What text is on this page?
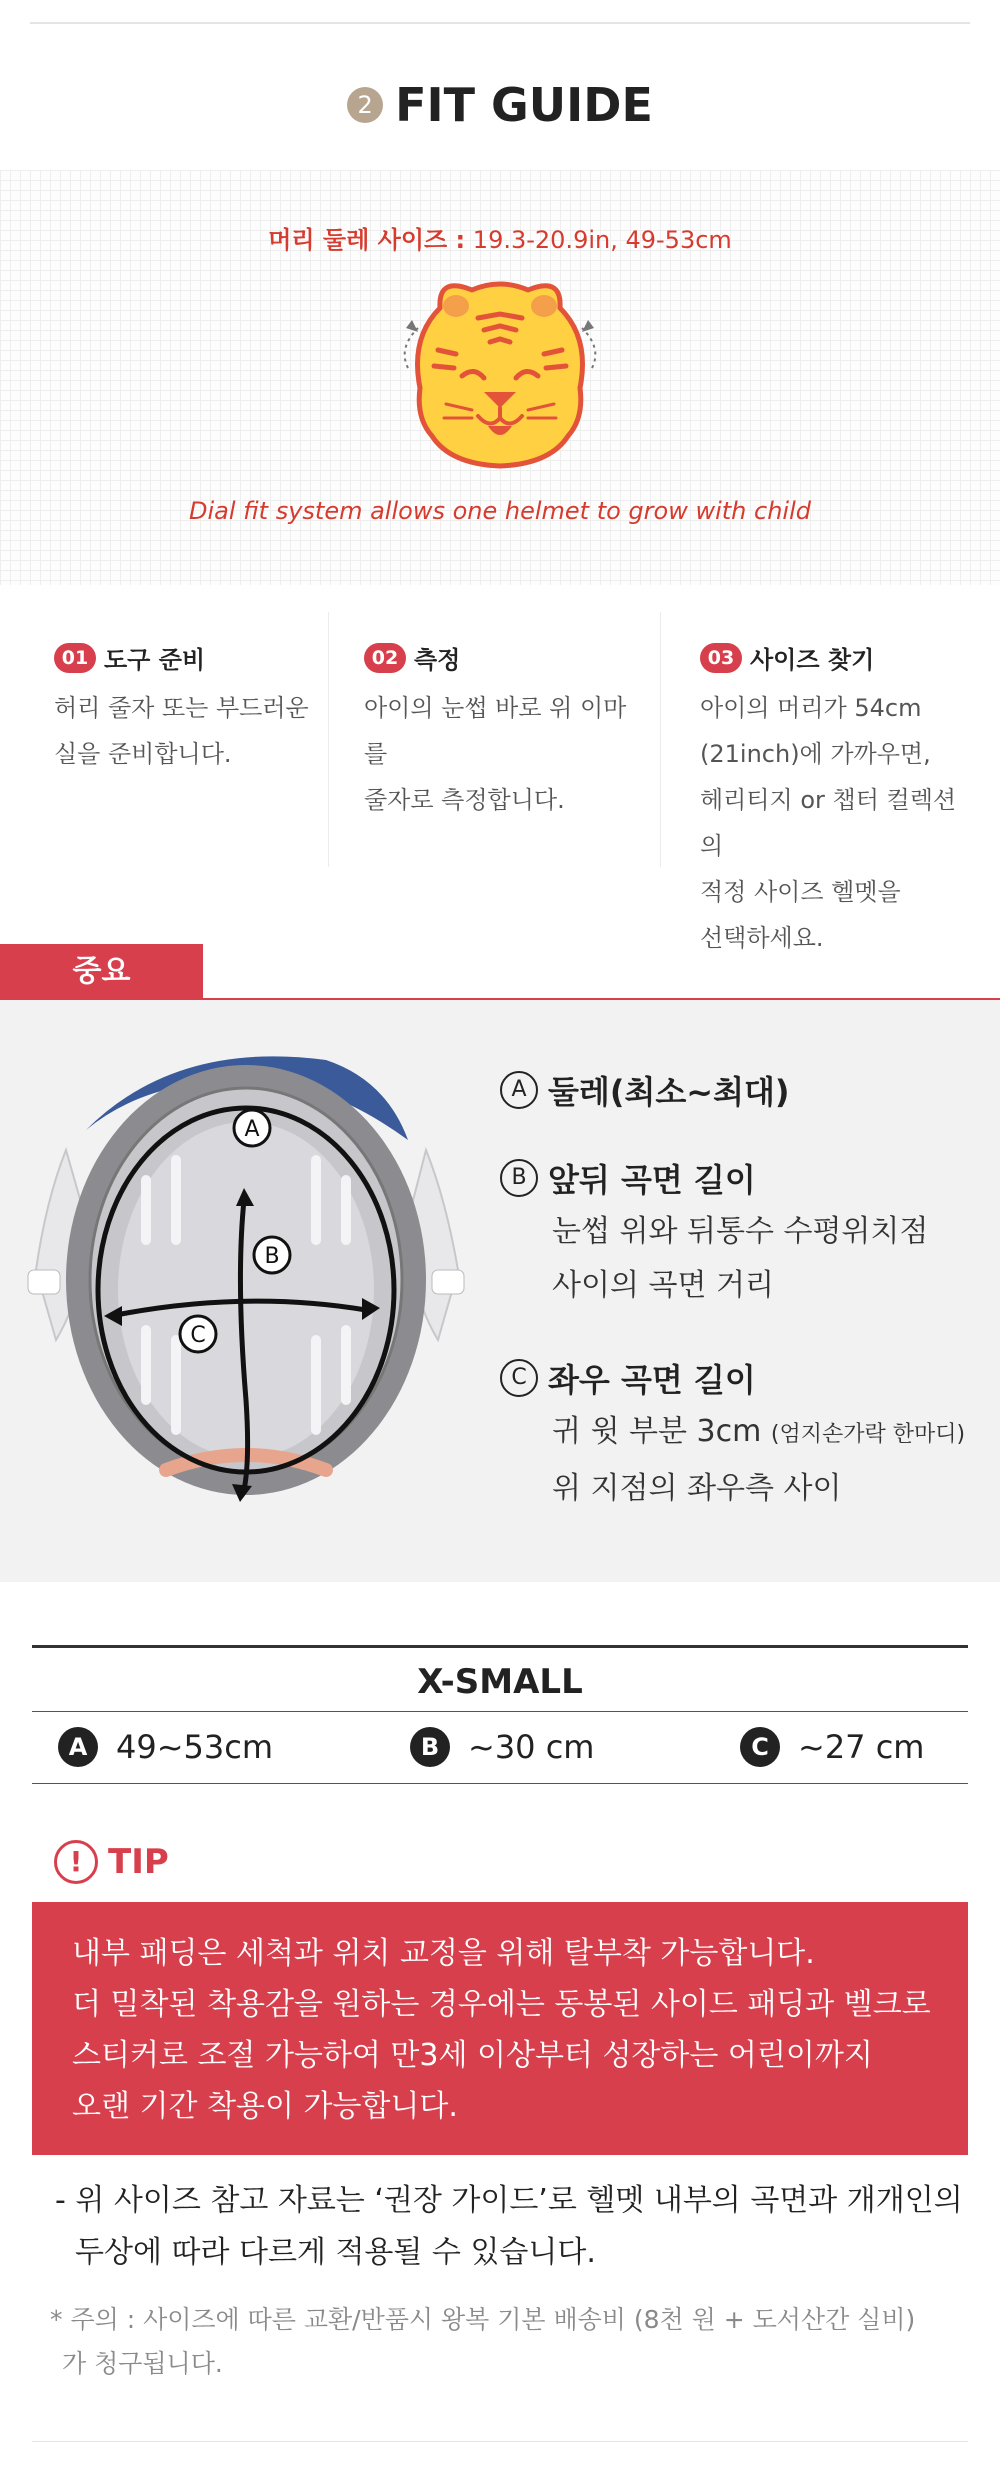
2 FIT GUIDE
머리 둘레 사이즈 : 19.3-20.9in, 49-53cm
Dial fit system allows one helmet to grow with child
01 도구 준비
허리 줄자 또는 부드러운
실을 준비합니다.
02 측정
아이의 눈썹 바로 위 이마를
줄자로 측정합니다.
03 사이즈 찾기
아이의 머리가 54cm
(21inch)에 가까우면,
헤리티지 or 챕터 컬렉션의
적정 사이즈 헬멧을
선택하세요.
중요
A
B
C
A 둘레(최소~최대)
B 앞뒤 곡면 길이
눈썹 위와 뒤통수 수평위치점
사이의 곡면 거리
C 좌우 곡면 길이
귀 윗 부분 3cm (엄지손가락 한마디)
위 지점의 좌우측 사이
X-SMALL
A 49~53cm	B ~30 cm	C ~27 cm
! TIP
내부 패딩은 세척과 위치 교정을 위해 탈부착 가능합니다.
더 밀착된 착용감을 원하는 경우에는 동봉된 사이드 패딩과 벨크로
스티커로 조절 가능하여 만3세 이상부터 성장하는 어린이까지
오랜 기간 착용이 가능합니다.
- 위 사이즈 참고 자료는 ‘권장 가이드’로 헬멧 내부의 곡면과 개개인의
두상에 따라 다르게 적용될 수 있습니다.
* 주의 : 사이즈에 따른 교환/반품시 왕복 기본 배송비 (8천 원 + 도서산간 실비)
가 청구됩니다.
